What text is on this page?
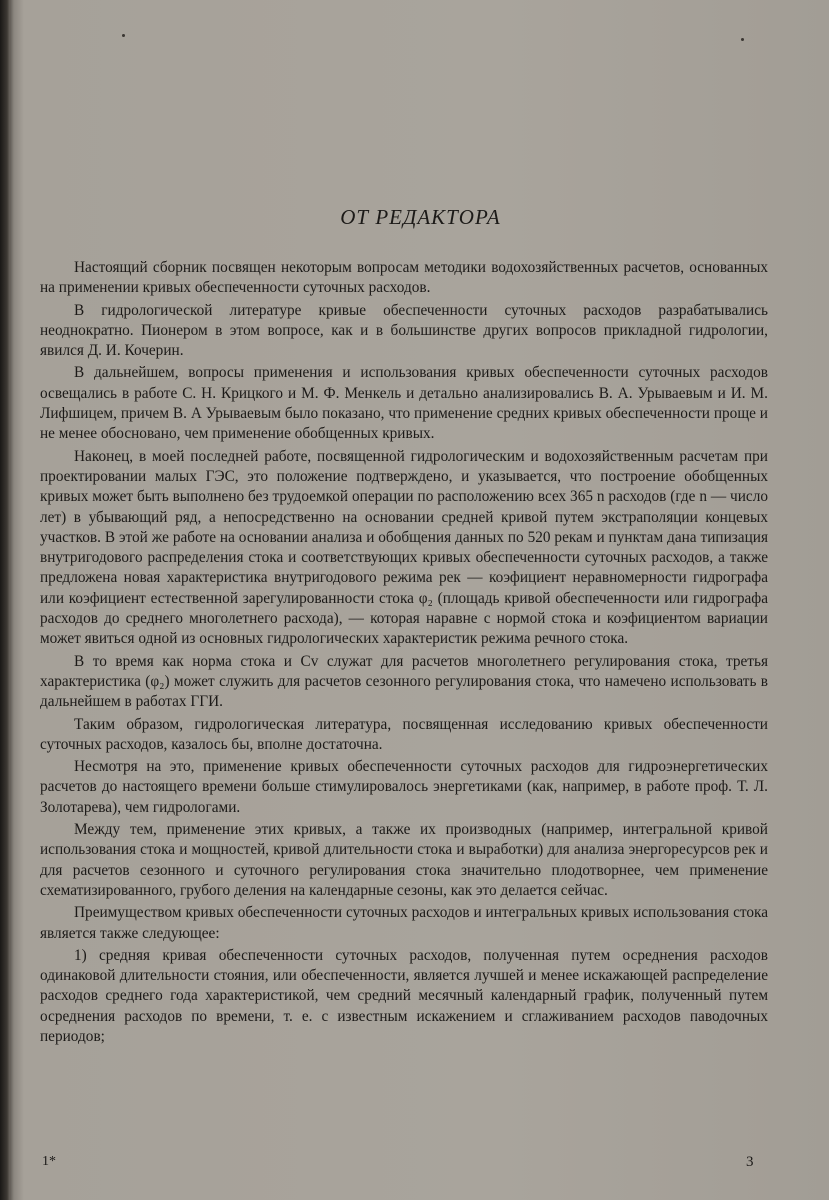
ОТ РЕДАКТОРА

Настоящий сборник посвящен некоторым вопросам методики водохозяйственных расчетов, основанных на применении кривых обеспеченности суточных расходов.

В гидрологической литературе кривые обеспеченности суточных расходов разрабатывались неоднократно. Пионером в этом вопросе, как и в большинстве других вопросов прикладной гидрологии, явился Д. И. Кочерин.

В дальнейшем, вопросы применения и использования кривых обеспеченности суточных расходов освещались в работе С. Н. Крицкого и М. Ф. Менкель и детально анализировались В. А. Урываевым и И. М. Лифшицем, причем В. А Урываевым было показано, что применение средних кривых обеспеченности проще и не менее обосновано, чем применение обобщенных кривых.

Наконец, в моей последней работе, посвященной гидрологическим и водохозяйственным расчетам при проектировании малых ГЭС, это положение подтверждено, и указывается, что построение обобщенных кривых может быть выполнено без трудоемкой операции по расположению всех 365 n расходов (где n — число лет) в убывающий ряд, а непосредственно на основании средней кривой путем экстраполяции концевых участков. В этой же работе на основании анализа и обобщения данных по 520 рекам и пунктам дана типизация внутригодового распределения стока и соответствующих кривых обеспеченности суточных расходов, а также предложена новая характеристика внутригодового режима рек — коэфициент неравномерности гидрографа или коэфициент естественной зарегулированности стока φ₂ (площадь кривой обеспеченности или гидрографа расходов до среднего многолетнего расхода), — которая наравне с нормой стока и коэфициентом вариации может явиться одной из основных гидрологических характеристик режима речного стока.

В то время как норма стока и Cv служат для расчетов многолетнего регулирования стока, третья характеристика (φ₂) может служить для расчетов сезонного регулирования стока, что намечено использовать в дальнейшем в работах ГГИ.

Таким образом, гидрологическая литература, посвященная исследованию кривых обеспеченности суточных расходов, казалось бы, вполне достаточна.

Несмотря на это, применение кривых обеспеченности суточных расходов для гидроэнергетических расчетов до настоящего времени больше стимулировалось энергетиками (как, например, в работе проф. Т. Л. Золотарева), чем гидрологами.

Между тем, применение этих кривых, а также их производных (например, интегральной кривой использования стока и мощностей, кривой длительности стока и выработки) для анализа энергоресурсов рек и для расчетов сезонного и суточного регулирования стока значительно плодотворнее, чем применение схематизированного, грубого деления на календарные сезоны, как это делается сейчас.

Преимуществом кривых обеспеченности суточных расходов и интегральных кривых использования стока является также следующее:

1) средняя кривая обеспеченности суточных расходов, полученная путем осреднения расходов одинаковой длительности стояния, или обеспеченности, является лучшей и менее искажающей распределение расходов среднего года характеристикой, чем средний месячный календарный график, полученный путем осреднения расходов по времени, т. е. с известным искажением и сглаживанием расходов паводочных периодов;

1*	3
